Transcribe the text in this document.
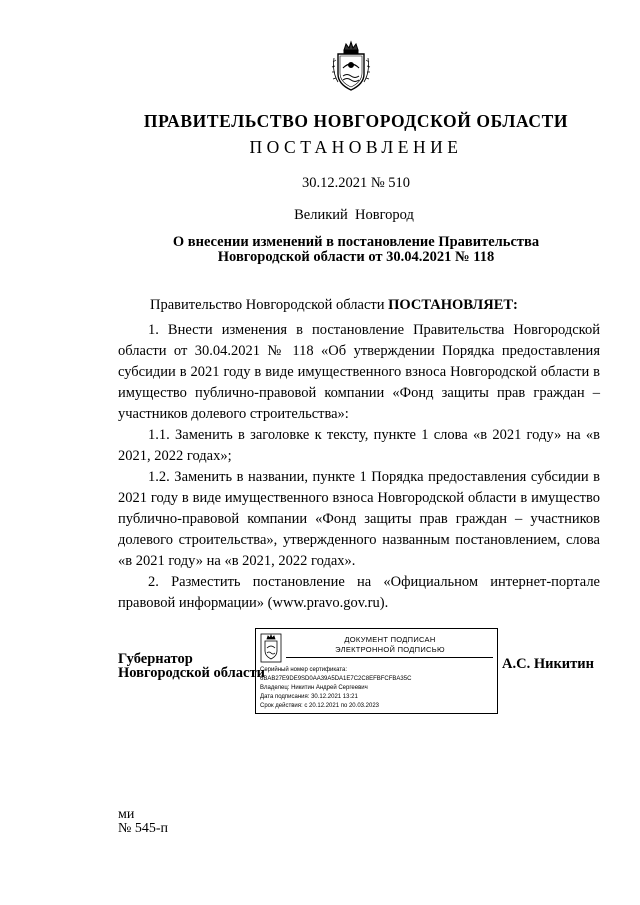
ПРАВИТЕЛЬСТВО НОВГОРОДСКОЙ ОБЛАСТИ
ПОСТАНОВЛЕНИЕ
30.12.2021 № 510
Великий  Новгород
О внесении изменений в постановление Правительства
Новгородской области от 30.04.2021 № 118
Правительство Новгородской области ПОСТАНОВЛЯЕТ:

1. Внести изменения в постановление Правительства Новгородской области от 30.04.2021 № 118 «Об утверждении Порядка предоставления субсидии в 2021 году в виде имущественного взноса Новгородской области в имущество публично-правовой компании «Фонд защиты прав граждан – участников долевого строительства»:

1.1. Заменить в заголовке к тексту, пункте 1 слова «в 2021 году» на «в 2021, 2022 годах»;

1.2. Заменить в названии, пункте 1 Порядка предоставления субсидии в 2021 году в виде имущественного взноса Новгородской области в имущество публично-правовой компании «Фонд защиты прав граждан – участников долевого строительства», утвержденного названным постановлением, слова «в 2021 году» на «в 2021, 2022 годах».

2. Разместить постановление на «Официальном интернет-портале правовой информации» (www.pravo.gov.ru).

Губернатор
Новгородской области
ДОКУМЕНТ ПОДПИСАН
ЭЛЕКТРОННОЙ ПОДПИСЬЮ
Серийный номер сертификата:
6BAB27E9DE9SD0AA39A5DA1E7C2C8EFBFCFBA35C
Владелец: Никитин Андрей Сергеевич
Дата подписания: 30.12.2021 13:21
Срок действия: с 20.12.2021 по 20.03.2023
А.С. Никитин
ми
№ 545-п
